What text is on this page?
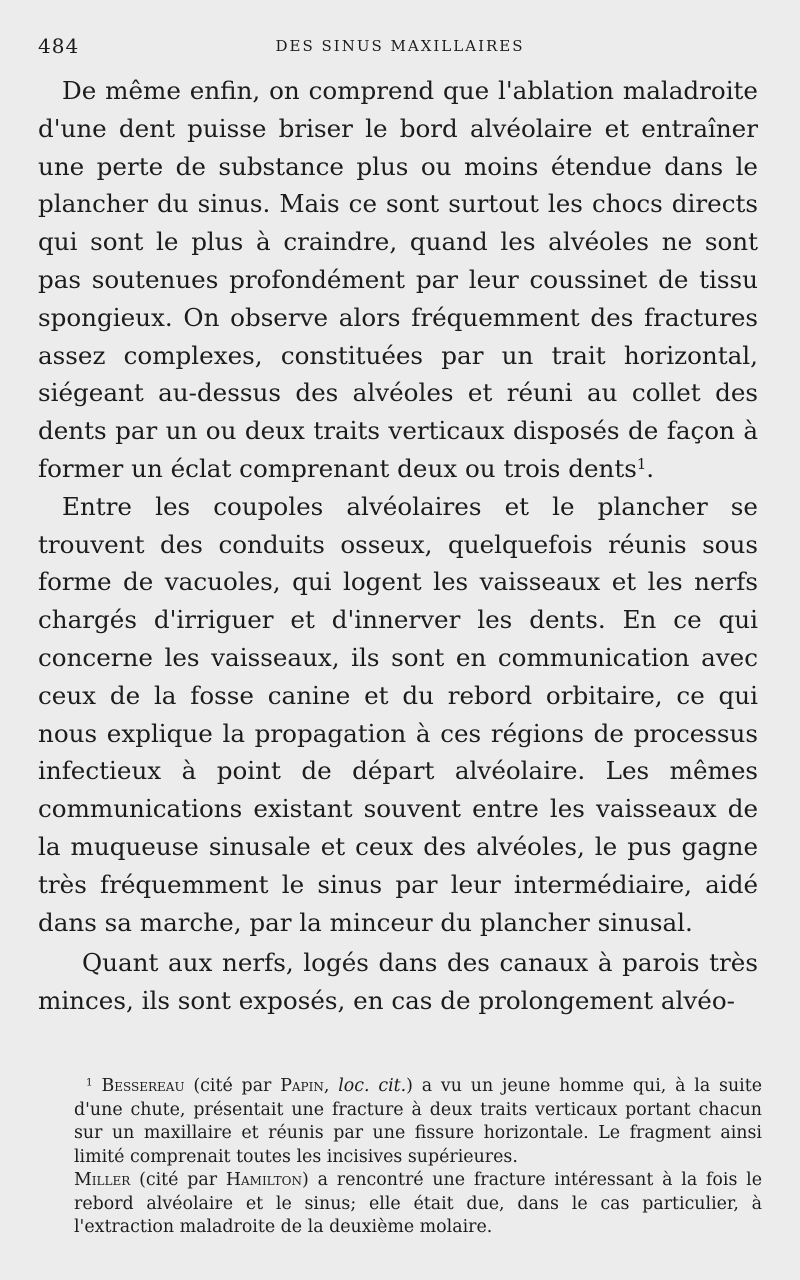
484	DES SINUS MAXILLAIRES

De même enfin, on comprend que l'ablation maladroite d'une dent puisse briser le bord alvéolaire et entraîner une perte de substance plus ou moins étendue dans le plancher du sinus. Mais ce sont surtout les chocs directs qui sont le plus à craindre, quand les alvéoles ne sont pas soutenues profondément par leur coussinet de tissu spongieux. On observe alors fréquemment des fractures assez complexes, constituées par un trait horizontal, siégeant au-dessus des alvéoles et réuni au collet des dents par un ou deux traits verticaux disposés de façon à former un éclat comprenant deux ou trois dents$^1$.

Entre les coupoles alvéolaires et le plancher se trouvent des conduits osseux, quelquefois réunis sous forme de vacuoles, qui logent les vaisseaux et les nerfs chargés d'irriguer et d'innerver les dents. En ce qui concerne les vaisseaux, ils sont en communication avec ceux de la fosse canine et du rebord orbitaire, ce qui nous explique la propagation à ces régions de processus infectieux à point de départ alvéolaire. Les mêmes communications existant souvent entre les vaisseaux de la muqueuse sinusale et ceux des alvéoles, le pus gagne très fréquemment le sinus par leur intermédiaire, aidé dans sa marche, par la minceur du plancher sinusal.

Quant aux nerfs, logés dans des canaux à parois très minces, ils sont exposés, en cas de prolongement alvéo-

$^1$ Bessereau (cité par Papin, loc. cit.) a vu un jeune homme qui, à la suite d'une chute, présentait une fracture à deux traits verticaux portant chacun sur un maxillaire et réunis par une fissure horizontale. Le fragment ainsi limité comprenait toutes les incisives supérieures.

Miller (cité par Hamilton) a rencontré une fracture intéressant à la fois le rebord alvéolaire et le sinus; elle était due, dans le cas particulier, à l'extraction maladroite de la deuxième molaire.
